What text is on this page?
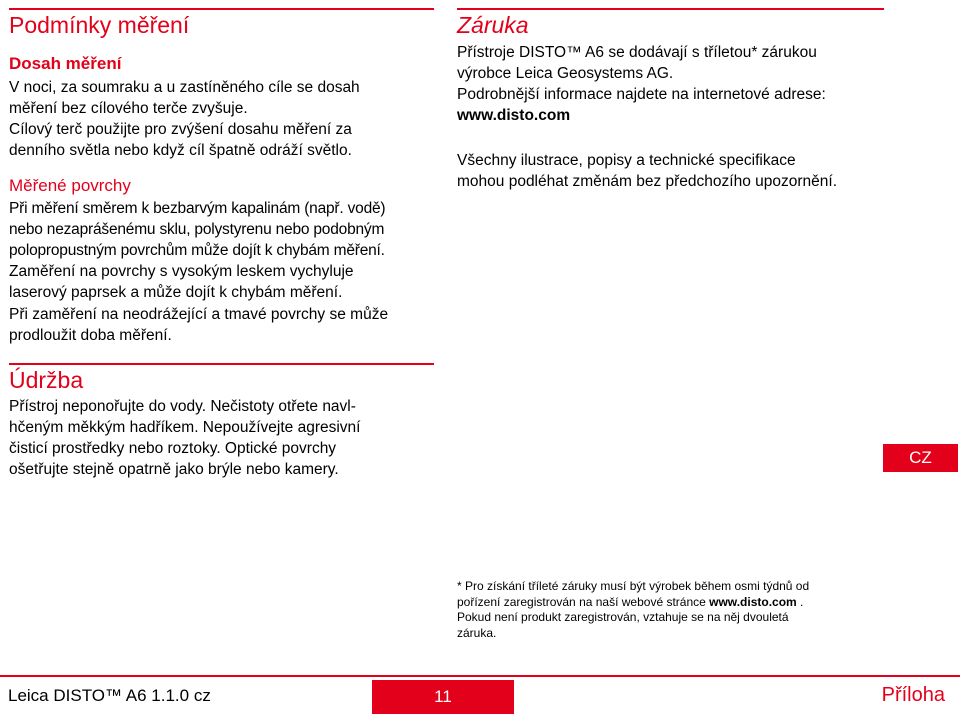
Podmínky měření
Dosah měření

V noci, za soumraku a u zastíněného cíle se dosah
měření bez cílového terče zvyšuje.
Cílový terč použijte pro zvýšení dosahu měření za
denního světla nebo když cíl špatně odráží světlo.

Měřené povrchy

Při měření směrem k bezbarvým kapalinám (např. vodě)
nebo nezaprášenému sklu, polystyrenu nebo podobným
polopropustným povrchům může dojít k chybám měření.

Zaměření na povrchy s vysokým leskem vychyluje
laserový paprsek a může dojít k chybám měření.

Při zaměření na neodrážející a tmavé povrchy se může
prodloužit doba měření.

Údržba

Přístroj neponořujte do vody. Nečistoty otřete navl-
hčeným měkkým hadříkem. Nepoužívejte agresivní
čisticí prostředky nebo roztoky. Optické povrchy
ošetřujte stejně opatrně jako brýle nebo kamery.

Záruka

Přístroje DISTO™ A6 se dodávají s tříletou* zárukou
výrobce Leica Geosystems AG.
Podrobnější informace najdete na internetové adrese:

www.disto.com

Všechny ilustrace, popisy a technické specifikace
mohou podléhat změnám bez předchozího upozornění.

CZ

* Pro získání tříleté záruky musí být výrobek během osmi týdnů od
pořízení zaregistrován na naší webové stránce www.disto.com .
Pokud není produkt zaregistrován, vztahuje se na něj dvouletá
záruka.

Leica DISTO™ A6 1.1.0 cz	11	Příloha
